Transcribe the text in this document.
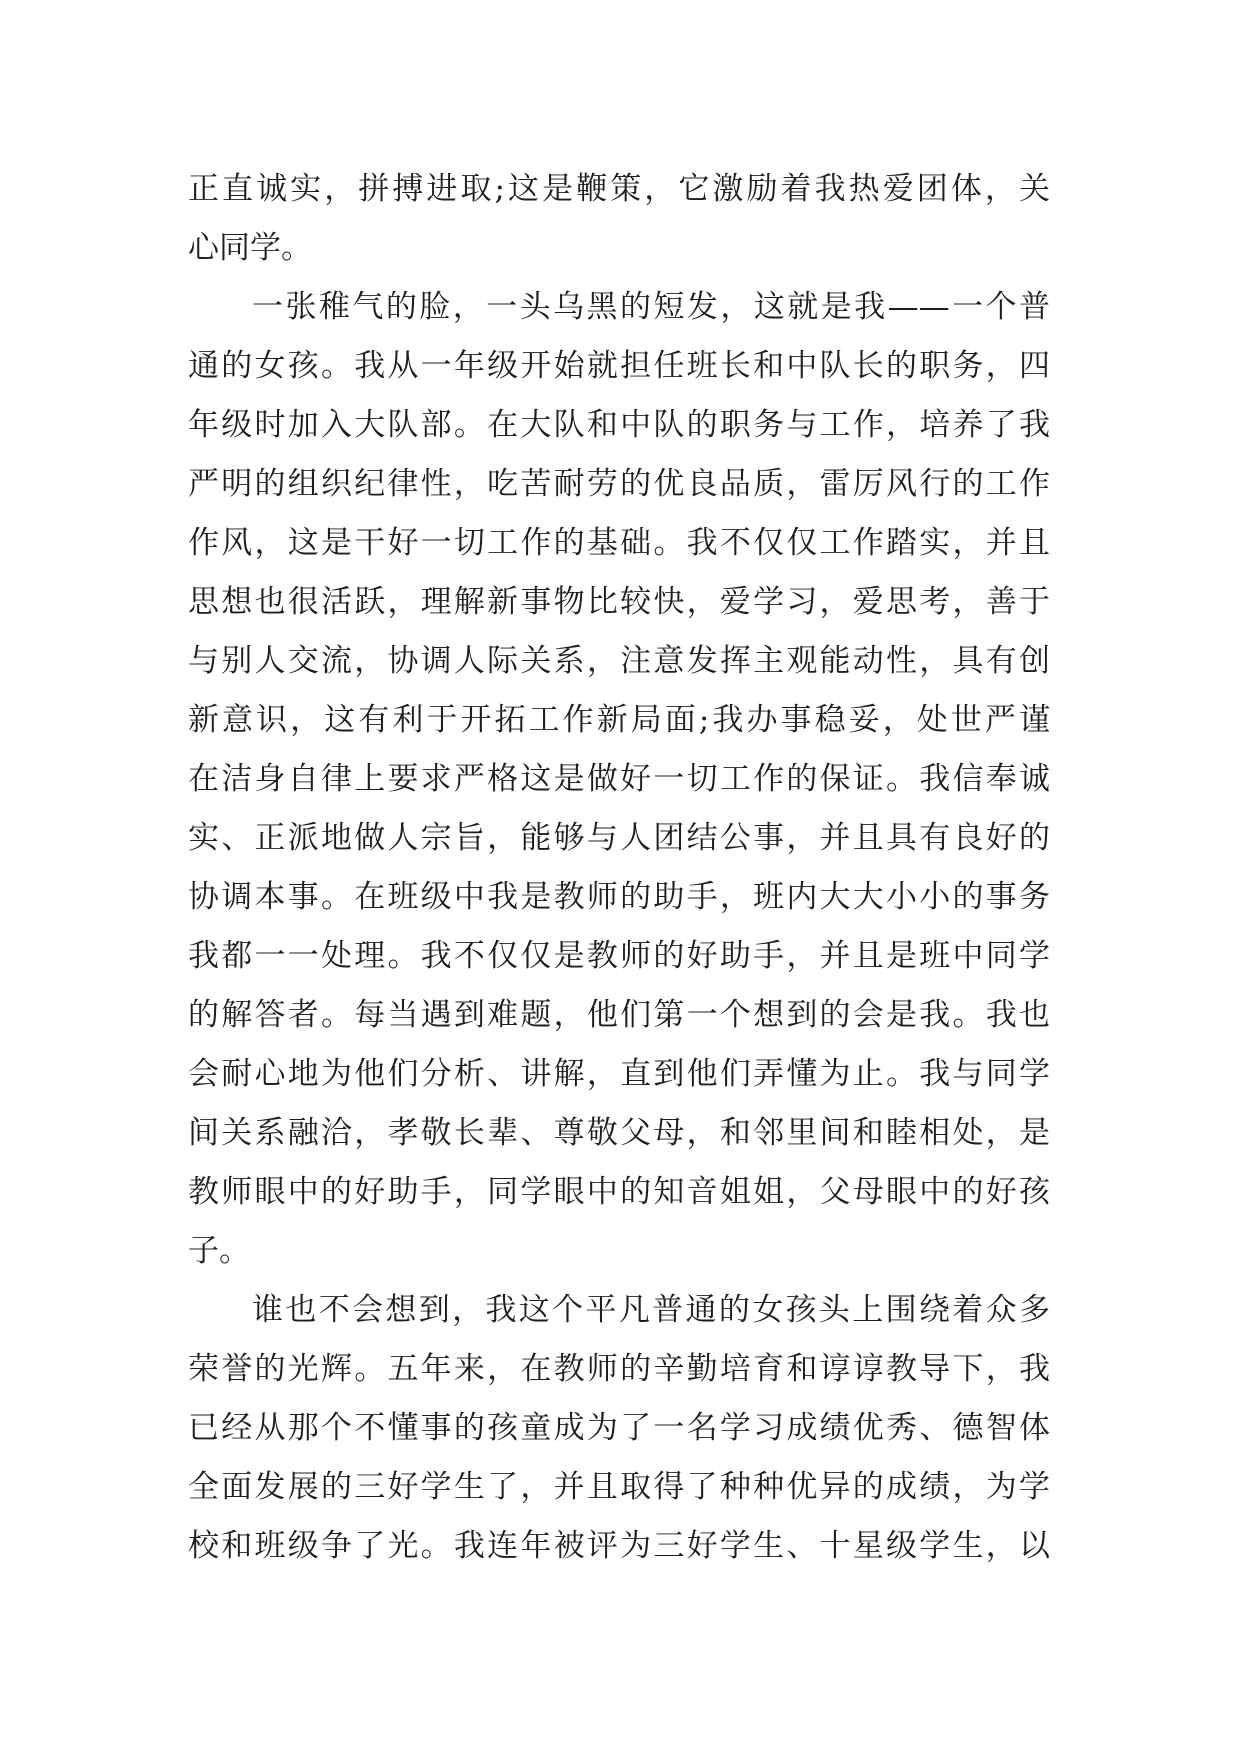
正直诚实，拼搏进取;这是鞭策，它激励着我热爱团体，关
心同学。
一张稚气的脸，一头乌黑的短发，这就是我——一个普
通的女孩。我从一年级开始就担任班长和中队长的职务，四
年级时加入大队部。在大队和中队的职务与工作，培养了我
严明的组织纪律性，吃苦耐劳的优良品质，雷厉风行的工作
作风，这是干好一切工作的基础。我不仅仅工作踏实，并且
思想也很活跃，理解新事物比较快，爱学习，爱思考，善于
与别人交流，协调人际关系，注意发挥主观能动性，具有创
新意识，这有利于开拓工作新局面;我办事稳妥，处世严谨
在洁身自律上要求严格这是做好一切工作的保证。我信奉诚
实、正派地做人宗旨，能够与人团结公事，并且具有良好的
协调本事。在班级中我是教师的助手，班内大大小小的事务
我都一一处理。我不仅仅是教师的好助手，并且是班中同学
的解答者。每当遇到难题，他们第一个想到的会是我。我也
会耐心地为他们分析、讲解，直到他们弄懂为止。我与同学
间关系融洽，孝敬长辈、尊敬父母，和邻里间和睦相处，是
教师眼中的好助手，同学眼中的知音姐姐，父母眼中的好孩
子。
谁也不会想到，我这个平凡普通的女孩头上围绕着众多
荣誉的光辉。五年来，在教师的辛勤培育和谆谆教导下，我
已经从那个不懂事的孩童成为了一名学习成绩优秀、德智体
全面发展的三好学生了，并且取得了种种优异的成绩，为学
校和班级争了光。我连年被评为三好学生、十星级学生，以
